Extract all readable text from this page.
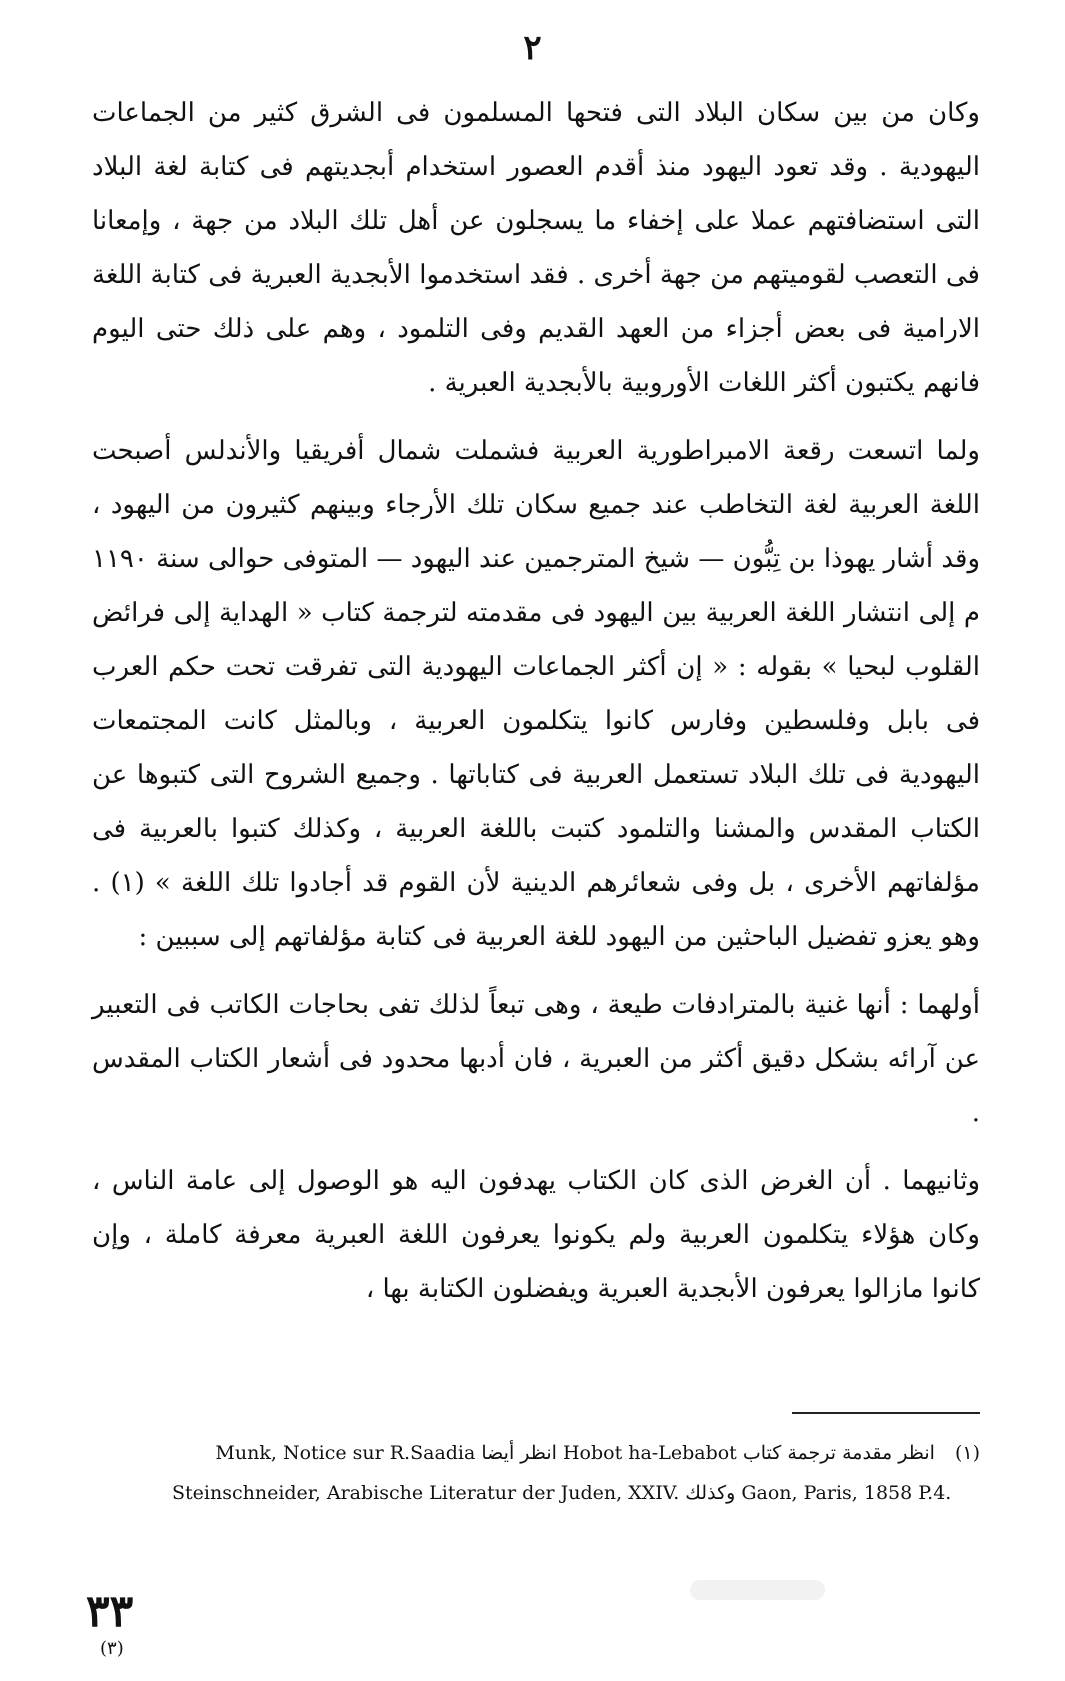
٢

وكان من بين سكان البلاد التى فتحها المسلمون فى الشرق كثير من الجماعات اليهودية . وقد تعود اليهود منذ أقدم العصور استخدام أبجديتهم فى كتابة لغة البلاد التى استضافتهم عملا على إخفاء ما يسجلون عن أهل تلك البلاد من جهة ، وإمعانا فى التعصب لقوميتهم من جهة أخرى . فقد استخدموا الأبجدية العبرية فى كتابة اللغة الارامية فى بعض أجزاء من العهد القديم وفى التلمود ، وهم على ذلك حتى اليوم فانهم يكتبون أكثر اللغات الأوروبية بالأبجدية العبرية .

ولما اتسعت رقعة الامبراطورية العربية فشملت شمال أفريقيا والأندلس أصبحت اللغة العربية لغة التخاطب عند جميع سكان تلك الأرجاء وبينهم كثيرون من اليهود ، وقد أشار يهوذا بن تِبُّون — شيخ المترجمين عند اليهود — المتوفى حوالى سنة ١١٩٠ م إلى انتشار اللغة العربية بين اليهود فى مقدمته لترجمة كتاب « الهداية إلى فرائض القلوب لبحيا » بقوله : « إن أكثر الجماعات اليهودية التى تفرقت تحت حكم العرب فى بابل وفلسطين وفارس كانوا يتكلمون العربية ، وبالمثل كانت المجتمعات اليهودية فى تلك البلاد تستعمل العربية فى كتاباتها . وجميع الشروح التى كتبوها عن الكتاب المقدس والمشنا والتلمود كتبت باللغة العربية ، وكذلك كتبوا بالعربية فى مؤلفاتهم الأخرى ، بل وفى شعائرهم الدينية لأن القوم قد أجادوا تلك اللغة » (١) . وهو يعزو تفضيل الباحثين من اليهود للغة العربية فى كتابة مؤلفاتهم إلى سببين :

أولهما : أنها غنية بالمترادفات طيعة ، وهى تبعاً لذلك تفى بحاجات الكاتب فى التعبير عن آرائه بشكل دقيق أكثر من العبرية ، فان أدبها محدود فى أشعار الكتاب المقدس .

وثانيهما . أن الغرض الذى كان الكتاب يهدفون اليه هو الوصول إلى عامة الناس ، وكان هؤلاء يتكلمون العربية ولم يكونوا يعرفون اللغة العبرية معرفة كاملة ، وإن كانوا مازالوا يعرفون الأبجدية العبرية ويفضلون الكتابة بها ،

(١) انظر مقدمة ترجمة كتاب Hobot ha-Lebabot انظر أيضا Munk, Notice sur R.Saadia
Steinschneider, Arabische Literatur der Juden, XXIV. وكذلك Gaon, Paris, 1858 P.4.
٣٣
(٣)
